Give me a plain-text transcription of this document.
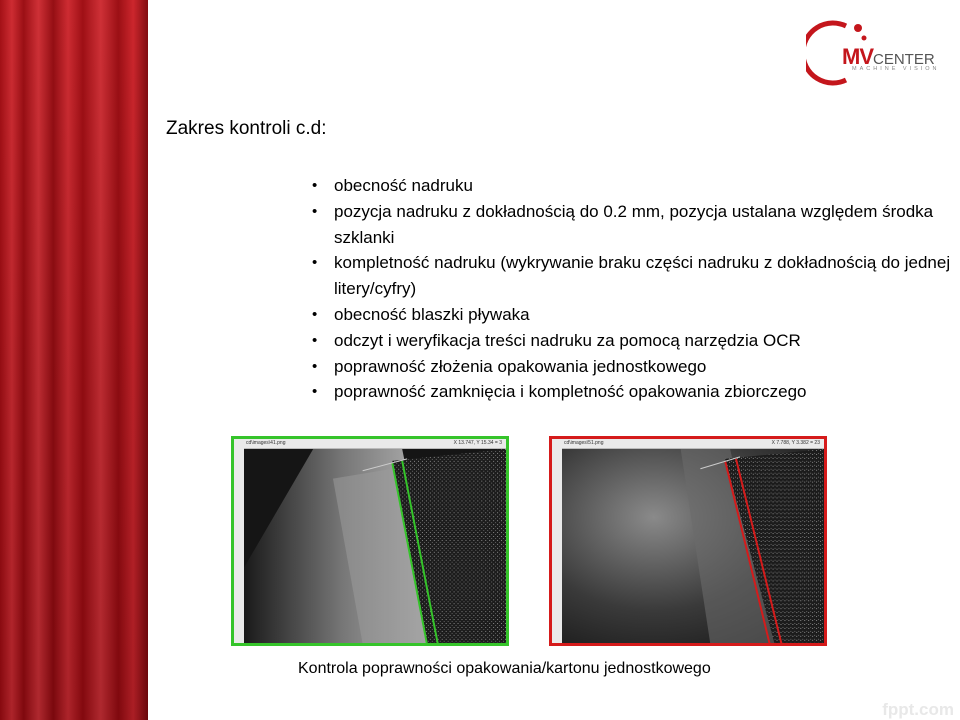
MVCENTER
MACHINE VISION
Zakres kontroli c.d:
• obecność nadruku
• pozycja nadruku z dokładnością do 0.2 mm, pozycja ustalana względem środka szklanki
• kompletność nadruku (wykrywanie braku części nadruku z dokładnością do jednej litery/cyfry)
• obecność blaszki pływaka
• odczyt i weryfikacja treści nadruku za pomocą narzędzia OCR
• poprawność złożenia opakowania jednostkowego
• poprawność zamknięcia i kompletność opakowania zbiorczego
cd\images\41.png	X 13.747, Y 15.34 = 3	cd\images\51.png	X 7.788, Y 3.382 = 23

Kontrola poprawności opakowania/kartonu jednostkowego

fppt.com
